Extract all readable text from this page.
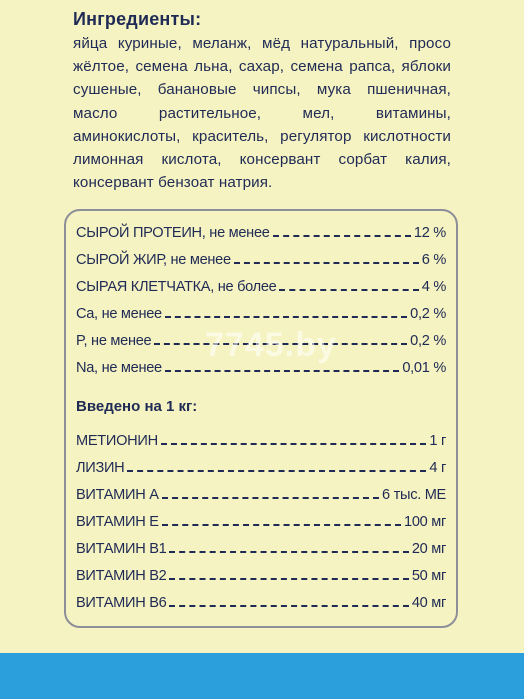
Ингредиенты:

яйца куриные, меланж, мёд натуральный, просо жёлтое, семена льна, сахар, семена рапса, яблоки сушеные, банановые чипсы, мука пшеничная, масло растительное, мел, витамины, аминокислоты, краситель, регулятор кислотности лимонная кислота, консервант сорбат калия, консервант бензоат натрия.

СЫРОЙ ПРОТЕИН, не менее	12 %
СЫРОЙ ЖИР, не менее	6 %
СЫРАЯ КЛЕТЧАТКА, не более	4 %
Ca, не менее	0,2 %
P, не менее	0,2 %
Na, не менее	0,01 %
Введено на 1 кг:
МЕТИОНИН	1 г
ЛИЗИН	4 г
ВИТАМИН А	6 тыс. МЕ
ВИТАМИН Е	100 мг
ВИТАМИН В1	20 мг
ВИТАМИН В2	50 мг
ВИТАМИН В6	40 мг
7745.by
